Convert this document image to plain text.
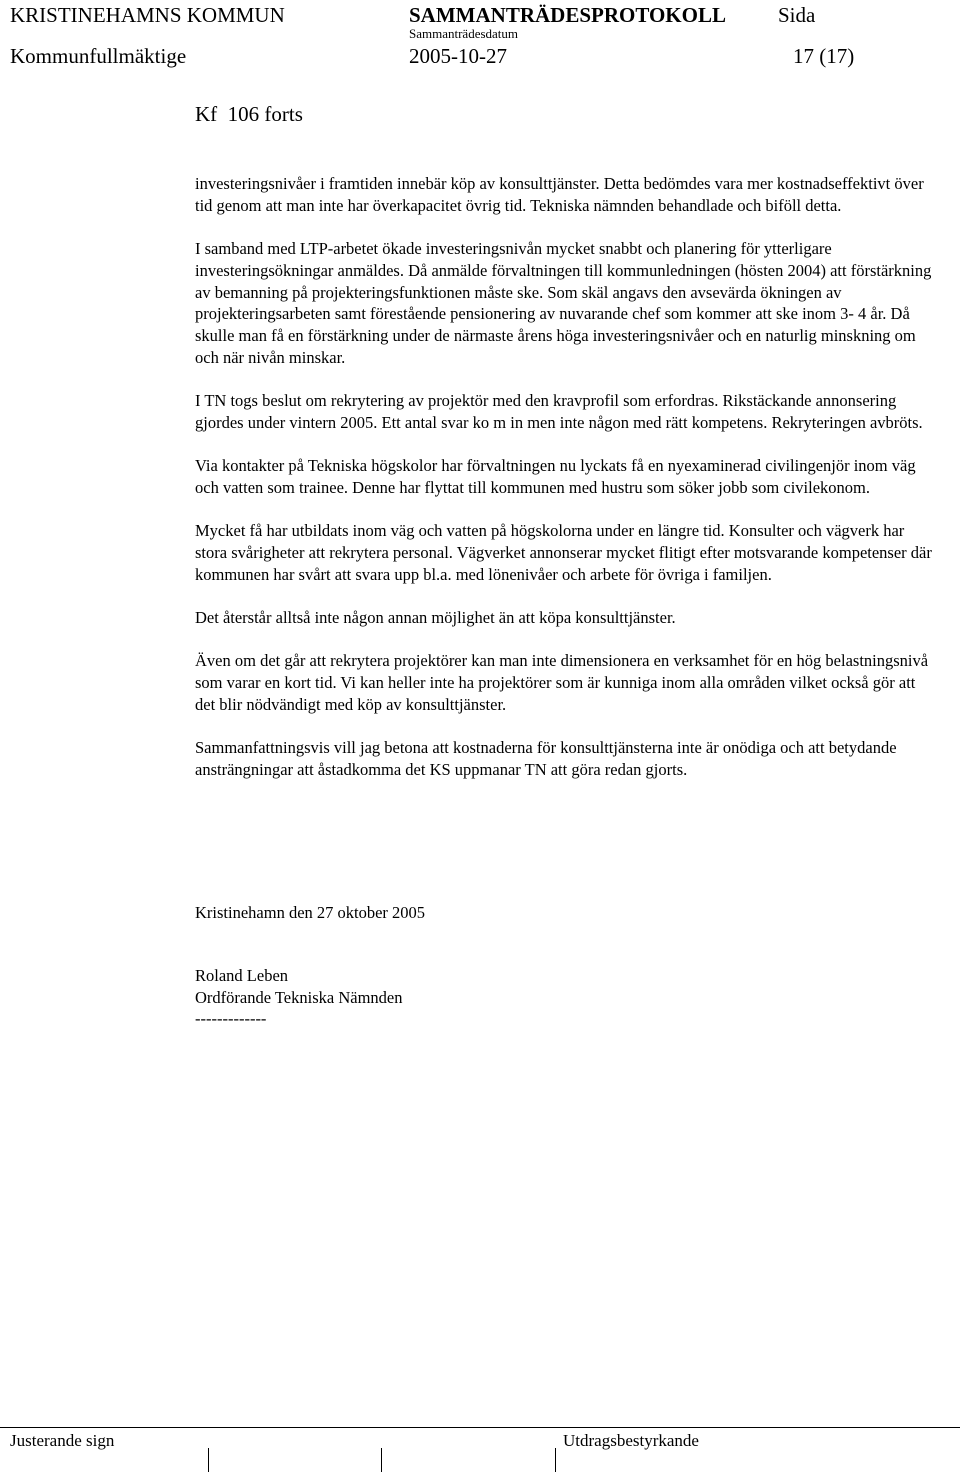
KRISTINEHAMNS KOMMUN	SAMMANTRÄDESPROTOKOLL Sida
Sammanträdesdatum
Kommunfullmäktige	2005-10-27	17 (17)
Kf  106 forts

investeringsnivåer i framtiden innebär köp av konsulttjänster. Detta bedömdes vara mer kostnadseffektivt över tid genom att man inte har överkapacitet övrig tid. Tekniska nämnden behandlade och biföll detta.

I samband med LTP-arbetet ökade investeringsnivån mycket snabbt och planering för ytterligare investeringsökningar anmäldes. Då anmälde förvaltningen till kommunledningen (hösten 2004) att förstärkning av bemanning på projekteringsfunktionen måste ske. Som skäl angavs den avsevärda ökningen av projekteringsarbeten samt förestående pensionering av nuvarande chef som kommer att ske inom 3- 4 år. Då skulle man få en förstärkning under de närmaste årens höga investeringsnivåer och en naturlig minskning om och när nivån minskar.

I TN togs beslut om rekrytering av projektör med den kravprofil som erfordras. Rikstäckande annonsering gjordes under vintern 2005. Ett antal svar ko m in men inte någon med rätt kompetens. Rekryteringen avbröts.

Via kontakter på Tekniska högskolor har förvaltningen nu lyckats få en nyexaminerad civilingenjör inom väg och vatten som trainee. Denne har flyttat till kommunen med hustru som söker jobb som civilekonom.

Mycket få har utbildats inom väg och vatten på högskolorna under en längre tid. Konsulter och vägverk har stora svårigheter att rekrytera personal. Vägverket annonserar mycket flitigt efter motsvarande kompetenser där kommunen har svårt att svara upp bl.a. med lönenivåer och arbete för övriga i familjen.

Det återstår alltså inte någon annan möjlighet än att köpa konsulttjänster.

Även om det går att rekrytera projektörer kan man inte dimensionera en verksamhet för en hög belastningsnivå som varar en kort tid. Vi kan heller inte ha projektörer som är kunniga inom alla områden vilket också gör att det blir nödvändigt med köp av konsulttjänster.

Sammanfattningsvis vill jag betona att kostnaderna för konsulttjänsterna inte är onödiga och att betydande ansträngningar att åstadkomma det KS uppmanar TN att göra redan gjorts.

Kristinehamn den 27 oktober 2005
Roland Leben
Ordförande Tekniska Nämnden
-------------
Justerande sign	Utdragsbestyrkande
